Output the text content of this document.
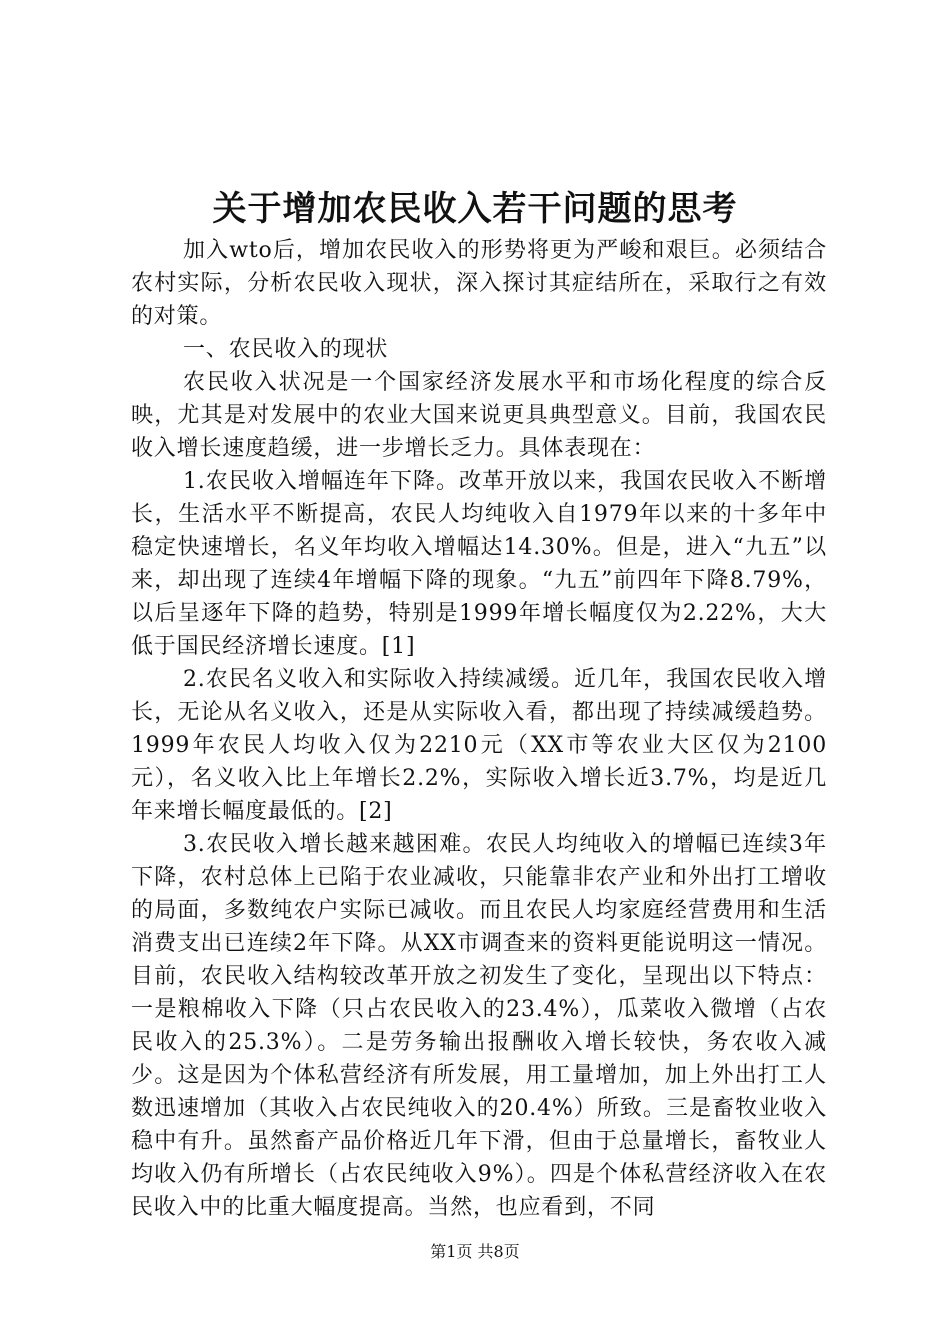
关于增加农民收入若干问题的思考

加入wto后，增加农民收入的形势将更为严峻和艰巨。必须结合农村实际，分析农民收入现状，深入探讨其症结所在，采取行之有效的对策。

一、农民收入的现状

农民收入状况是一个国家经济发展水平和市场化程度的综合反映，尤其是对发展中的农业大国来说更具典型意义。目前，我国农民收入增长速度趋缓，进一步增长乏力。具体表现在：

1.农民收入增幅连年下降。改革开放以来，我国农民收入不断增长，生活水平不断提高，农民人均纯收入自1979年以来的十多年中稳定快速增长，名义年均收入增幅达14.30%。但是，进入“九五”以来，却出现了连续4年增幅下降的现象。“九五”前四年下降8.79%，以后呈逐年下降的趋势，特别是1999年增长幅度仅为2.22%，大大低于国民经济增长速度。[1]

2.农民名义收入和实际收入持续减缓。近几年，我国农民收入增长，无论从名义收入，还是从实际收入看，都出现了持续减缓趋势。1999年农民人均收入仅为2210元（XX市等农业大区仅为2100元），名义收入比上年增长2.2%，实际收入增长近3.7%，均是近几年来增长幅度最低的。[2]

3.农民收入增长越来越困难。农民人均纯收入的增幅已连续3年下降，农村总体上已陷于农业减收，只能靠非农产业和外出打工增收的局面，多数纯农户实际已减收。而且农民人均家庭经营费用和生活消费支出已连续2年下降。从XX市调查来的资料更能说明这一情况。目前，农民收入结构较改革开放之初发生了变化，呈现出以下特点：一是粮棉收入下降（只占农民收入的23.4%），瓜菜收入微增（占农民收入的25.3%）。二是劳务输出报酬收入增长较快，务农收入减少。这是因为个体私营经济有所发展，用工量增加，加上外出打工人数迅速增加（其收入占农民纯收入的20.4%）所致。三是畜牧业收入稳中有升。虽然畜产品价格近几年下滑，但由于总量增长，畜牧业人均收入仍有所增长（占农民纯收入9%）。四是个体私营经济收入在农民收入中的比重大幅度提高。当然，也应看到，不同

第1页 共8页
